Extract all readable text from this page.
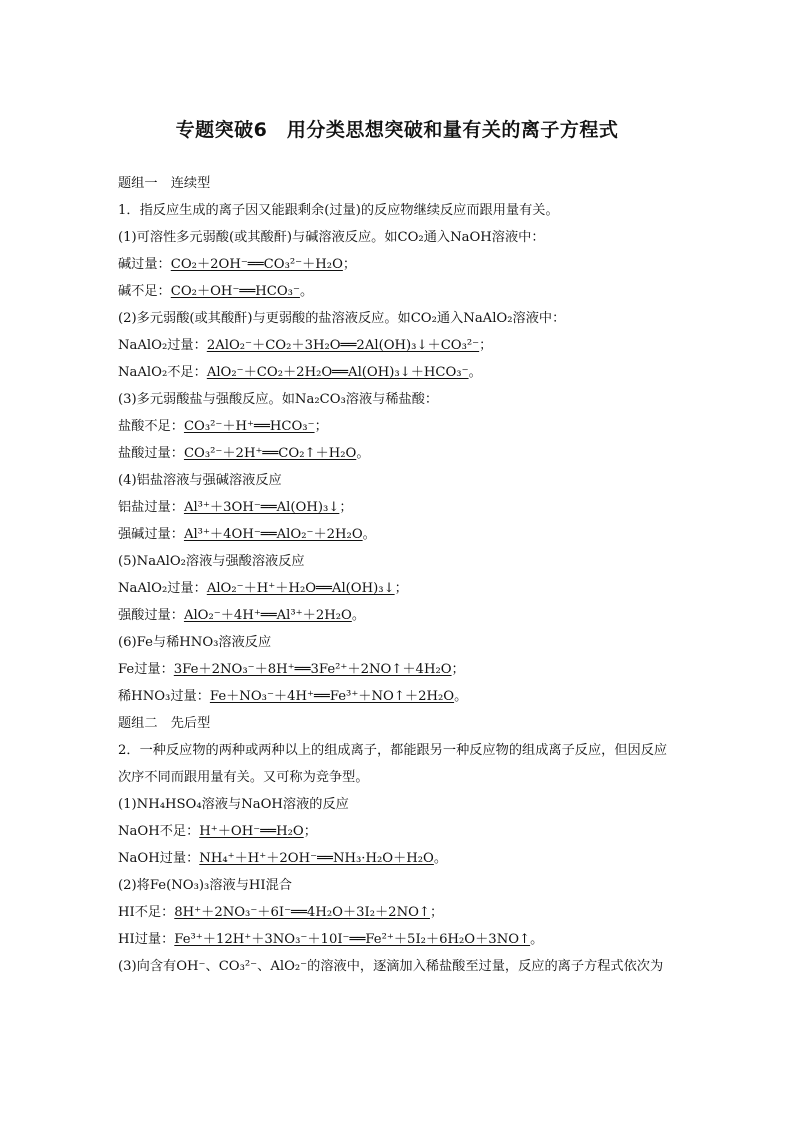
专题突破6　用分类思想突破和量有关的离子方程式
题组一　连续型
1．指反应生成的离子因又能跟剩余(过量)的反应物继续反应而跟用量有关。
(1)可溶性多元弱酸(或其酸酐)与碱溶液反应。如CO₂通入NaOH溶液中：
碱过量：CO₂＋2OH⁻══CO₃²⁻＋H₂O；
碱不足：CO₂＋OH⁻══HCO₃⁻。
(2)多元弱酸(或其酸酐)与更弱酸的盐溶液反应。如CO₂通入NaAlO₂溶液中：
NaAlO₂过量：2AlO₂⁻＋CO₂＋3H₂O══2Al(OH)₃↓＋CO₃²⁻；
NaAlO₂不足：AlO₂⁻＋CO₂＋2H₂O══Al(OH)₃↓＋HCO₃⁻。
(3)多元弱酸盐与强酸反应。如Na₂CO₃溶液与稀盐酸：
盐酸不足：CO₃²⁻＋H⁺══HCO₃⁻；
盐酸过量：CO₃²⁻＋2H⁺══CO₂↑＋H₂O。
(4)铝盐溶液与强碱溶液反应
铝盐过量：Al³⁺＋3OH⁻══Al(OH)₃↓；
强碱过量：Al³⁺＋4OH⁻══AlO₂⁻＋2H₂O。
(5)NaAlO₂溶液与强酸溶液反应
NaAlO₂过量：AlO₂⁻＋H⁺＋H₂O══Al(OH)₃↓；
强酸过量：AlO₂⁻＋4H⁺══Al³⁺＋2H₂O。
(6)Fe与稀HNO₃溶液反应
Fe过量：3Fe＋2NO₃⁻＋8H⁺══3Fe²⁺＋2NO↑＋4H₂O；
稀HNO₃过量：Fe＋NO₃⁻＋4H⁺══Fe³⁺＋NO↑＋2H₂O。
题组二　先后型
2．一种反应物的两种或两种以上的组成离子，都能跟另一种反应物的组成离子反应，但因反应次序不同而跟用量有关。又可称为竞争型。
(1)NH₄HSO₄溶液与NaOH溶液的反应
NaOH不足：H⁺＋OH⁻══H₂O；
NaOH过量：NH₄⁺＋H⁺＋2OH⁻══NH₃·H₂O＋H₂O。
(2)将Fe(NO₃)₃溶液与HI混合
HI不足：8H⁺＋2NO₃⁻＋6I⁻══4H₂O＋3I₂＋2NO↑；
HI过量：Fe³⁺＋12H⁺＋3NO₃⁻＋10I⁻══Fe²⁺＋5I₂＋6H₂O＋3NO↑。
(3)向含有OH⁻、CO₃²⁻、AlO₂⁻的溶液中，逐滴加入稀盐酸至过量，反应的离子方程式依次为
